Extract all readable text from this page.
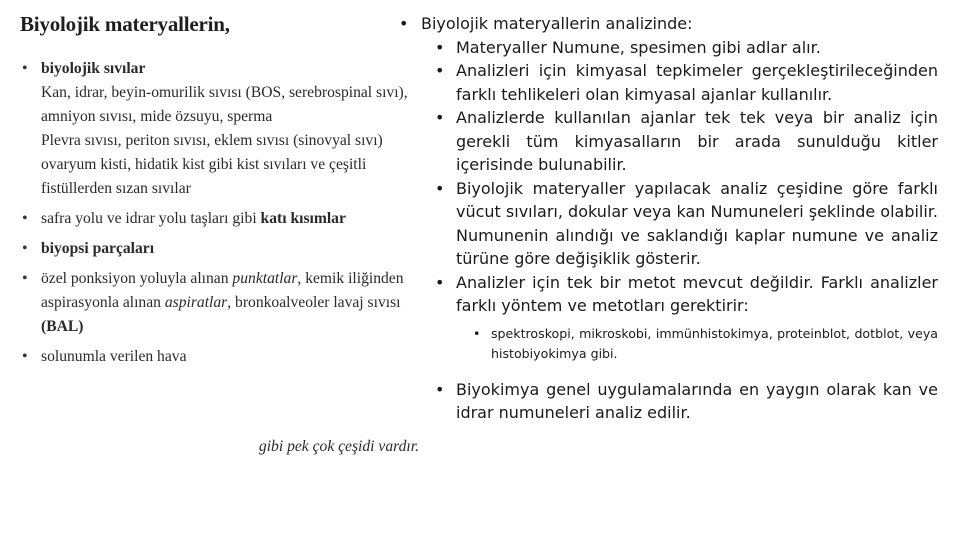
Biyolojik materyallerin,
• biyolojik sıvılar
Kan, idrar, beyin-omurilik sıvısı (BOS, serebrospinal sıvı), amniyon sıvısı, mide özsuyu, sperma
Plevra sıvısı, periton sıvısı, eklem sıvısı (sinovyal sıvı)
ovaryum kisti, hidatik kist gibi kist sıvıları ve çeşitli fistüllerden sızan sıvılar
• safra yolu ve idrar yolu taşları gibi katı kısımlar
• biyopsi parçaları
• özel ponksiyon yoluyla alınan punktatlar, kemik iliğinden aspirasyonla alınan aspiratlar, bronkoalveoler lavaj sıvısı (BAL)
• solunumla verilen hava
gibi pek çok çeşidi vardır.
• Biyolojik materyallerin analizinde:
• Materyaller Numune, spesimen gibi adlar alır.
• Analizleri için kimyasal tepkimeler gerçekleştirileceğinden farklı tehlikeleri olan kimyasal ajanlar kullanılır.
• Analizlerde kullanılan ajanlar tek tek veya bir analiz için gerekli tüm kimyasalların bir arada sunulduğu kitler içerisinde bulunabilir.
• Biyolojik materyaller yapılacak analiz çeşidine göre farklı vücut sıvıları, dokular veya kan Numuneleri şeklinde olabilir. Numunenin alındığı ve saklandığı kaplar numune ve analiz türüne göre değişiklik gösterir.
• Analizler için tek bir metot mevcut değildir. Farklı analizler farklı yöntem ve metotları gerektirir:
• spektroskopi, mikroskobi, immünhistokimya, proteinblot, dotblot, veya histobiyokimya gibi.
• Biyokimya genel uygulamalarında en yaygın olarak kan ve idrar numuneleri analiz edilir.
